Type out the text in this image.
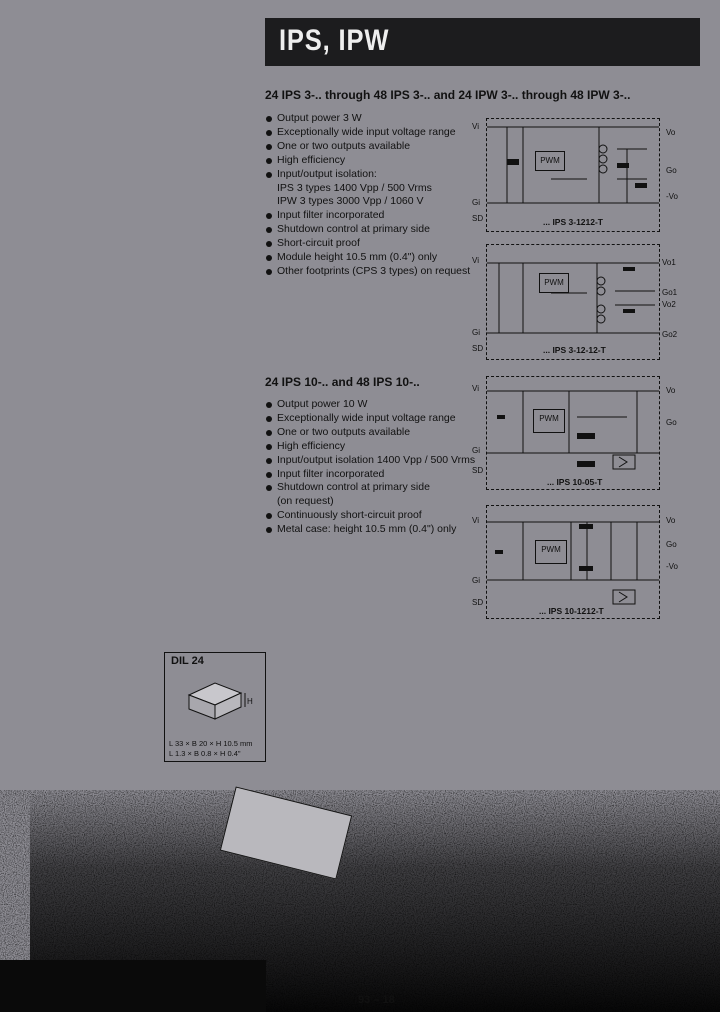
IPS, IPW
24 IPS 3-.. through 48 IPS 3-.. and 24 IPW 3-.. through 48 IPW 3-..
Output power 3 W
Exceptionally wide input voltage range
One or two outputs available
High efficiency
Input/output isolation:
IPS 3 types 1400 Vpp / 500 Vrms
IPW 3 types 3000 Vpp / 1060 V
Input filter incorporated
Shutdown control at primary side
Short-circuit proof
Module height 10.5 mm (0.4") only
Other footprints (CPS 3 types) on request
24 IPS 10-.. and 48 IPS 10-..
Output power 10 W
Exceptionally wide input voltage range
One or two outputs available
High efficiency
Input/output isolation 1400 Vpp / 500 Vrms
Input filter incorporated
Shutdown control at primary side
(on request)
Continuously short-circuit proof
Metal case: height 10.5 mm (0.4") only
PWM
... IPS 3-1212-T
Vi
Gi
SD
Vo
Go
-Vo
PWM
... IPS 3-12-12-T
Vi
Gi
SD
Vo1
Go1
Vo2
Go2
PWM
... IPS 10-05-T
Vi
Gi
SD
Vo
Go
PWM
... IPS 10-1212-T
Vi
Gi
SD
Vo
Go
-Vo
DIL 24
H
L 33 × B 20 × H 10.5 mm
L 1.3 × B 0.8 × H 0.4"
93 – 18
